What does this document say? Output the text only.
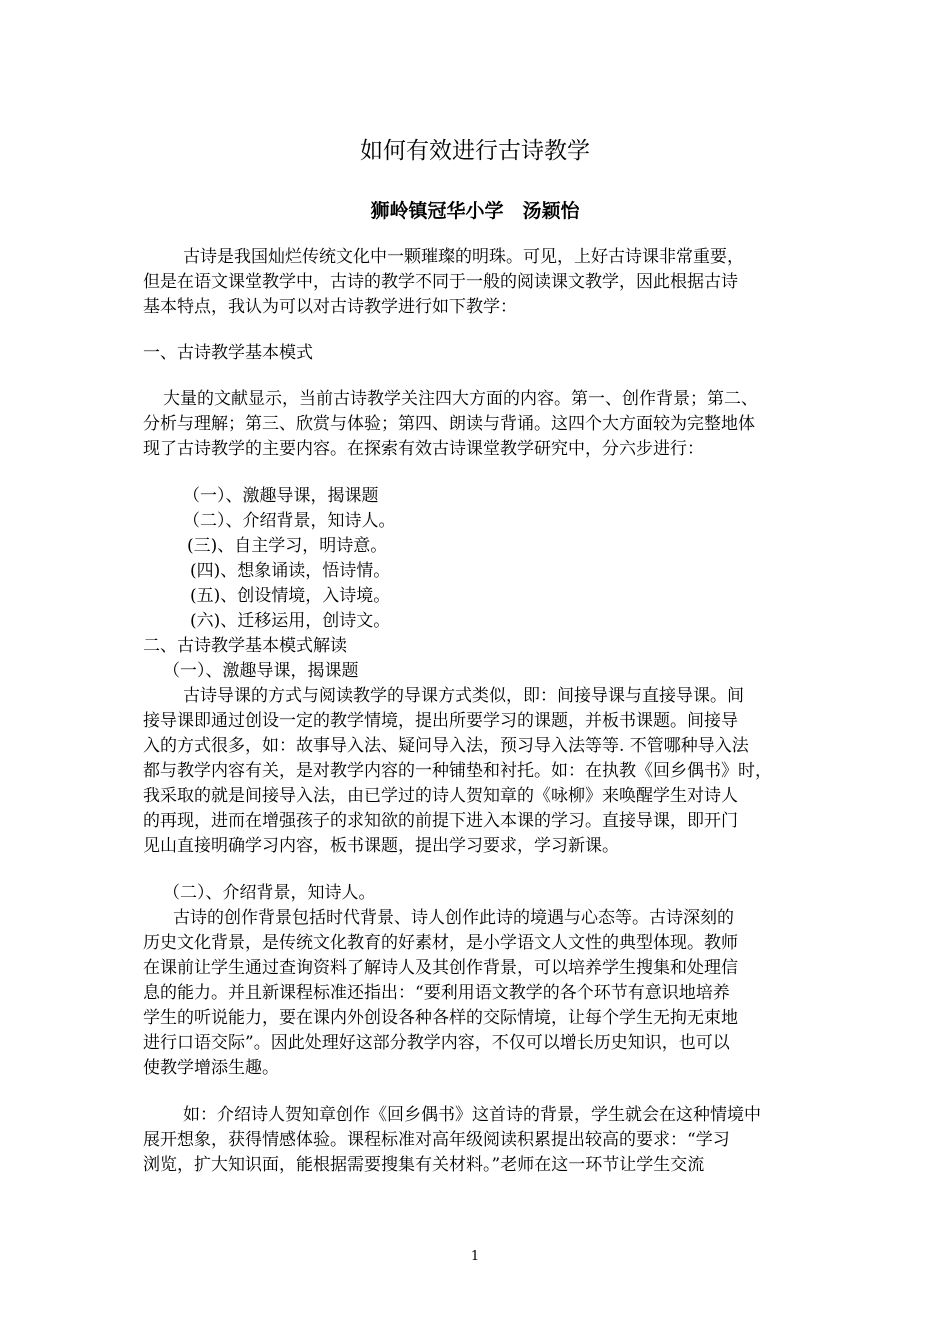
如何有效进行古诗教学
狮岭镇冠华小学　汤颖怡
古诗是我国灿烂传统文化中一颗璀璨的明珠。可见，上好古诗课非常重要，
但是在语文课堂教学中，古诗的教学不同于一般的阅读课文教学，因此根据古诗
基本特点，我认为可以对古诗教学进行如下教学：
一、古诗教学基本模式
大量的文献显示，当前古诗教学关注四大方面的内容。第一、创作背景；第二、
分析与理解；第三、欣赏与体验；第四、朗读与背诵。这四个大方面较为完整地体
现了古诗教学的主要内容。在探索有效古诗课堂教学研究中，分六步进行：
（一）、激趣导课，揭课题
（二）、介绍背景，知诗人。
(三)、自主学习，明诗意。
(四)、想象诵读，悟诗情。
(五)、创设情境，入诗境。
(六)、迁移运用，创诗文。
二、古诗教学基本模式解读
（一）、激趣导课，揭课题
古诗导课的方式与阅读教学的导课方式类似，即：间接导课与直接导课。间
接导课即通过创设一定的教学情境，提出所要学习的课题，并板书课题。间接导
入的方式很多，如：故事导入法、疑问导入法，预习导入法等等. 不管哪种导入法
都与教学内容有关，是对教学内容的一种铺垫和衬托。如：在执教《回乡偶书》时，
我采取的就是间接导入法，由已学过的诗人贺知章的《咏柳》来唤醒学生对诗人
的再现，进而在增强孩子的求知欲的前提下进入本课的学习。直接导课，即开门
见山直接明确学习内容，板书课题，提出学习要求，学习新课。
（二）、介绍背景，知诗人。
古诗的创作背景包括时代背景、诗人创作此诗的境遇与心态等。古诗深刻的
历史文化背景，是传统文化教育的好素材，是小学语文人文性的典型体现。教师
在课前让学生通过查询资料了解诗人及其创作背景，可以培养学生搜集和处理信
息的能力。并且新课程标准还指出：“要利用语文教学的各个环节有意识地培养
学生的听说能力，要在课内外创设各种各样的交际情境，让每个学生无拘无束地
进行口语交际”。因此处理好这部分教学内容，不仅可以增长历史知识，也可以
使教学增添生趣。
如：介绍诗人贺知章创作《回乡偶书》这首诗的背景，学生就会在这种情境中
展开想象，获得情感体验。课程标准对高年级阅读积累提出较高的要求：“学习
浏览，扩大知识面，能根据需要搜集有关材料。”老师在这一环节让学生交流
1
